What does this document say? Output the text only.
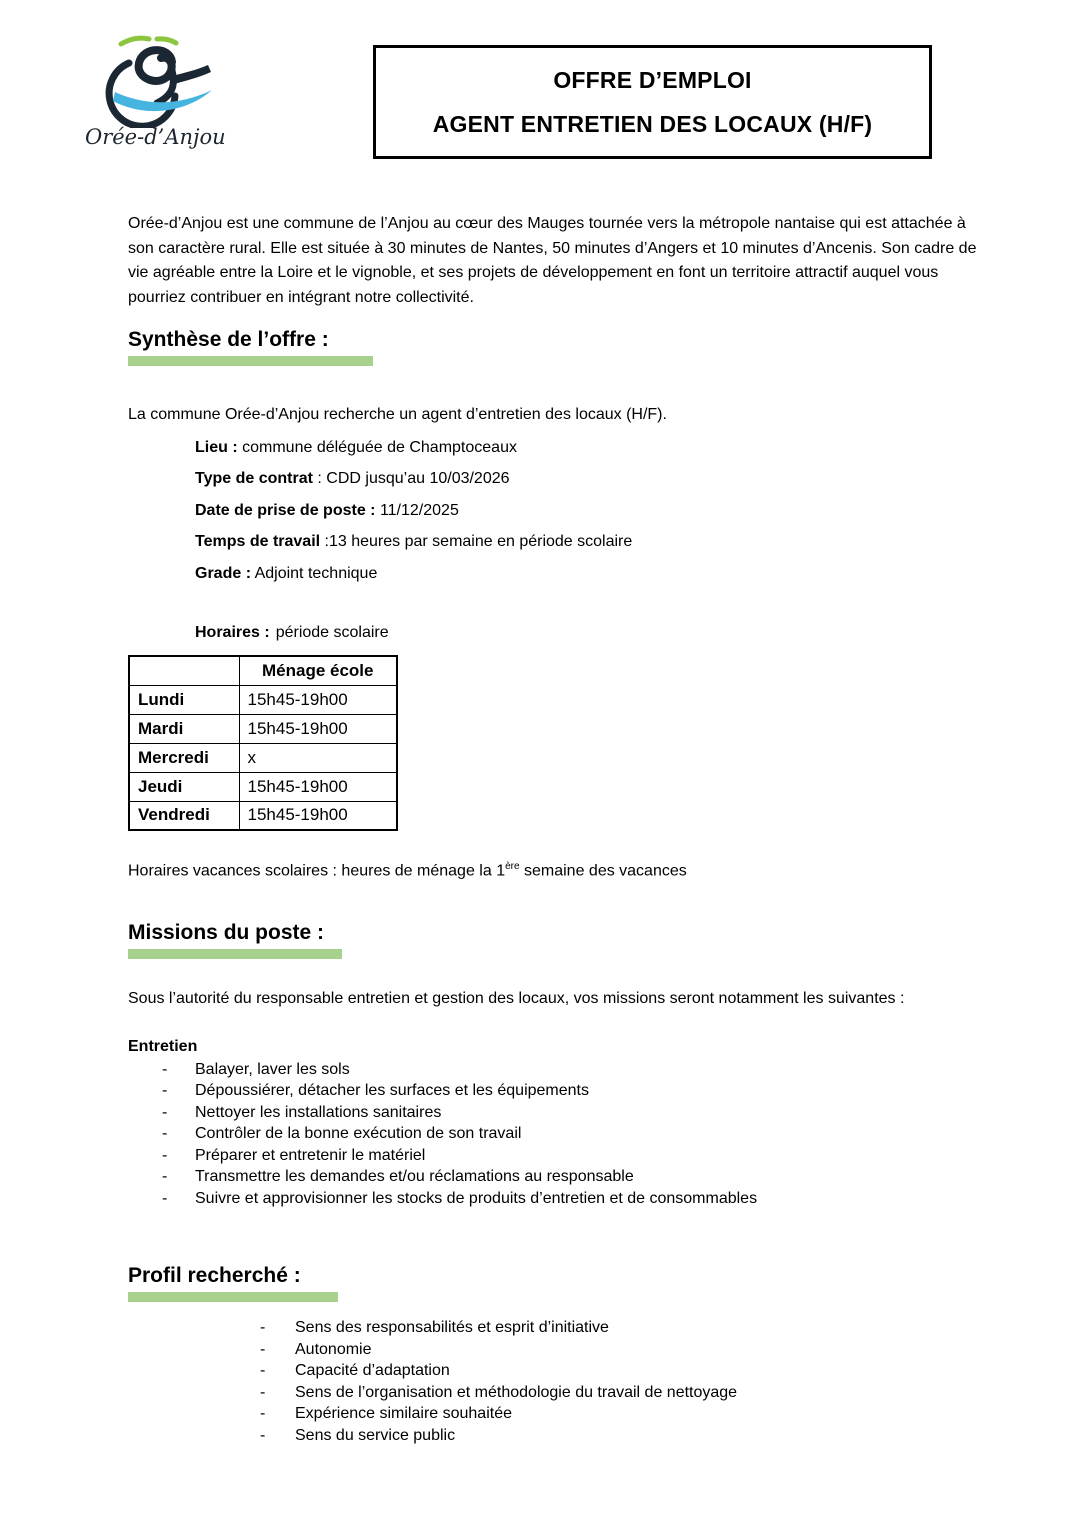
Orée-d’Anjou
OFFRE D’EMPLOI
AGENT ENTRETIEN DES LOCAUX (H/F)

Orée-d’Anjou est une commune de l’Anjou au cœur des Mauges tournée vers la métropole nantaise qui est attachée à son caractère rural. Elle est située à 30 minutes de Nantes, 50 minutes d’Angers et 10 minutes d’Ancenis. Son cadre de vie agréable entre la Loire et le vignoble, et ses projets de développement en font un territoire attractif auquel vous pourriez contribuer en intégrant notre collectivité.

Synthèse de l’offre :

La commune Orée-d’Anjou recherche un agent d’entretien des locaux (H/F).

Lieu : commune déléguée de Champtoceaux

Type de contrat : CDD jusqu’au 10/03/2026

Date de prise de poste : 11/12/2025

Temps de travail :13 heures par semaine en période scolaire

Grade : Adjoint technique

Horaires : période scolaire

	Ménage école
Lundi	15h45-19h00
Mardi	15h45-19h00
Mercredi	x
Jeudi	15h45-19h00
Vendredi	15h45-19h00

Horaires vacances scolaires : heures de ménage la 1ère semaine des vacances

Missions du poste :

Sous l’autorité du responsable entretien et gestion des locaux, vos missions seront notamment les suivantes :

Entretien

-	Balayer, laver les sols
-	Dépoussiérer, détacher les surfaces et les équipements
-	Nettoyer les installations sanitaires
-	Contrôler de la bonne exécution de son travail
-	Préparer et entretenir le matériel
-	Transmettre les demandes et/ou réclamations au responsable
-	Suivre et approvisionner les stocks de produits d’entretien et de consommables
Profil recherché :
-	Sens des responsabilités et esprit d’initiative
-	Autonomie
-	Capacité d’adaptation
-	Sens de l’organisation et méthodologie du travail de nettoyage
-	Expérience similaire souhaitée
-	Sens du service public
